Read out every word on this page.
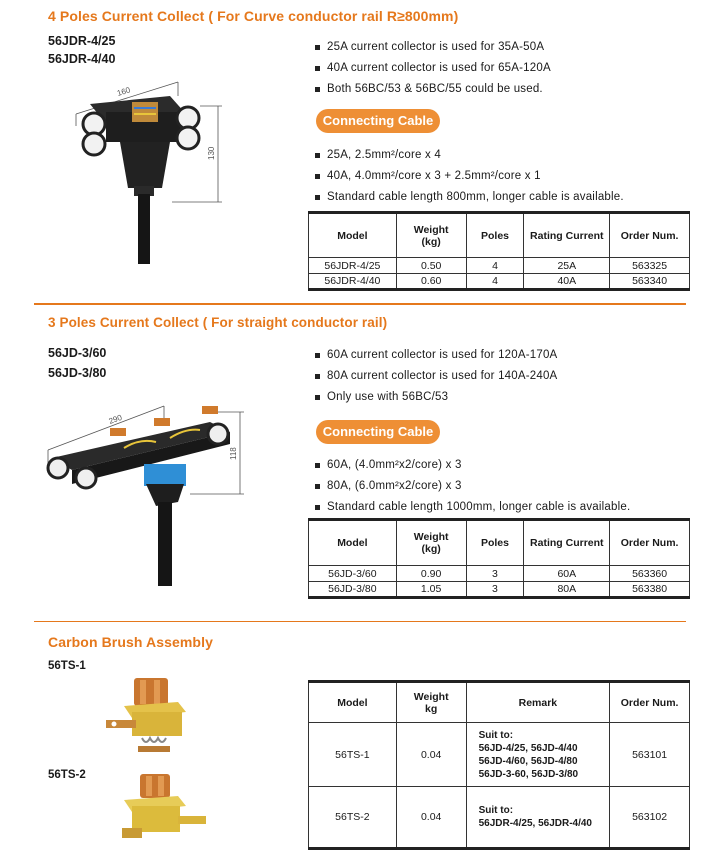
4 Poles Current Collect ( For Curve conductor rail R≥800mm)
56JDR-4/25
56JDR-4/40
160
130
25A current collector is used for 35A-50A
40A current collector is used for 65A-120A
Both 56BC/53 & 56BC/55 could be used.
Connecting Cable
25A, 2.5mm²/core x 4
40A, 4.0mm²/core x 3 + 2.5mm²/core x 1
Standard cable length 800mm, longer cable is available.
Model	Weight
(kg)	Poles	Rating Current	Order Num.
56JDR-4/25	0.50	4	25A	563325
56JDR-4/40	0.60	4	40A	563340
3 Poles Current Collect ( For straight conductor rail)
56JD-3/60
56JD-3/80
290
118
60A current collector is used for 120A-170A
80A current collector is used for 140A-240A
Only use with 56BC/53
Connecting Cable
60A, (4.0mm²x2/core) x 3
80A, (6.0mm²x2/core) x 3
Standard cable length 1000mm, longer cable is available.
Model	Weight
(kg)	Poles	Rating Current	Order Num.
56JD-3/60	0.90	3	60A	563360
56JD-3/80	1.05	3	80A	563380
Carbon Brush Assembly
56TS-1
56TS-2
Model	Weight
kg	Remark	Order Num.
56TS-1	0.04	Suit to:
56JD-4/25, 56JD-4/40
56JD-4/60, 56JD-4/80
56JD-3-60, 56JD-3/80	563101
56TS-2	0.04	Suit to:
56JDR-4/25, 56JDR-4/40	563102
